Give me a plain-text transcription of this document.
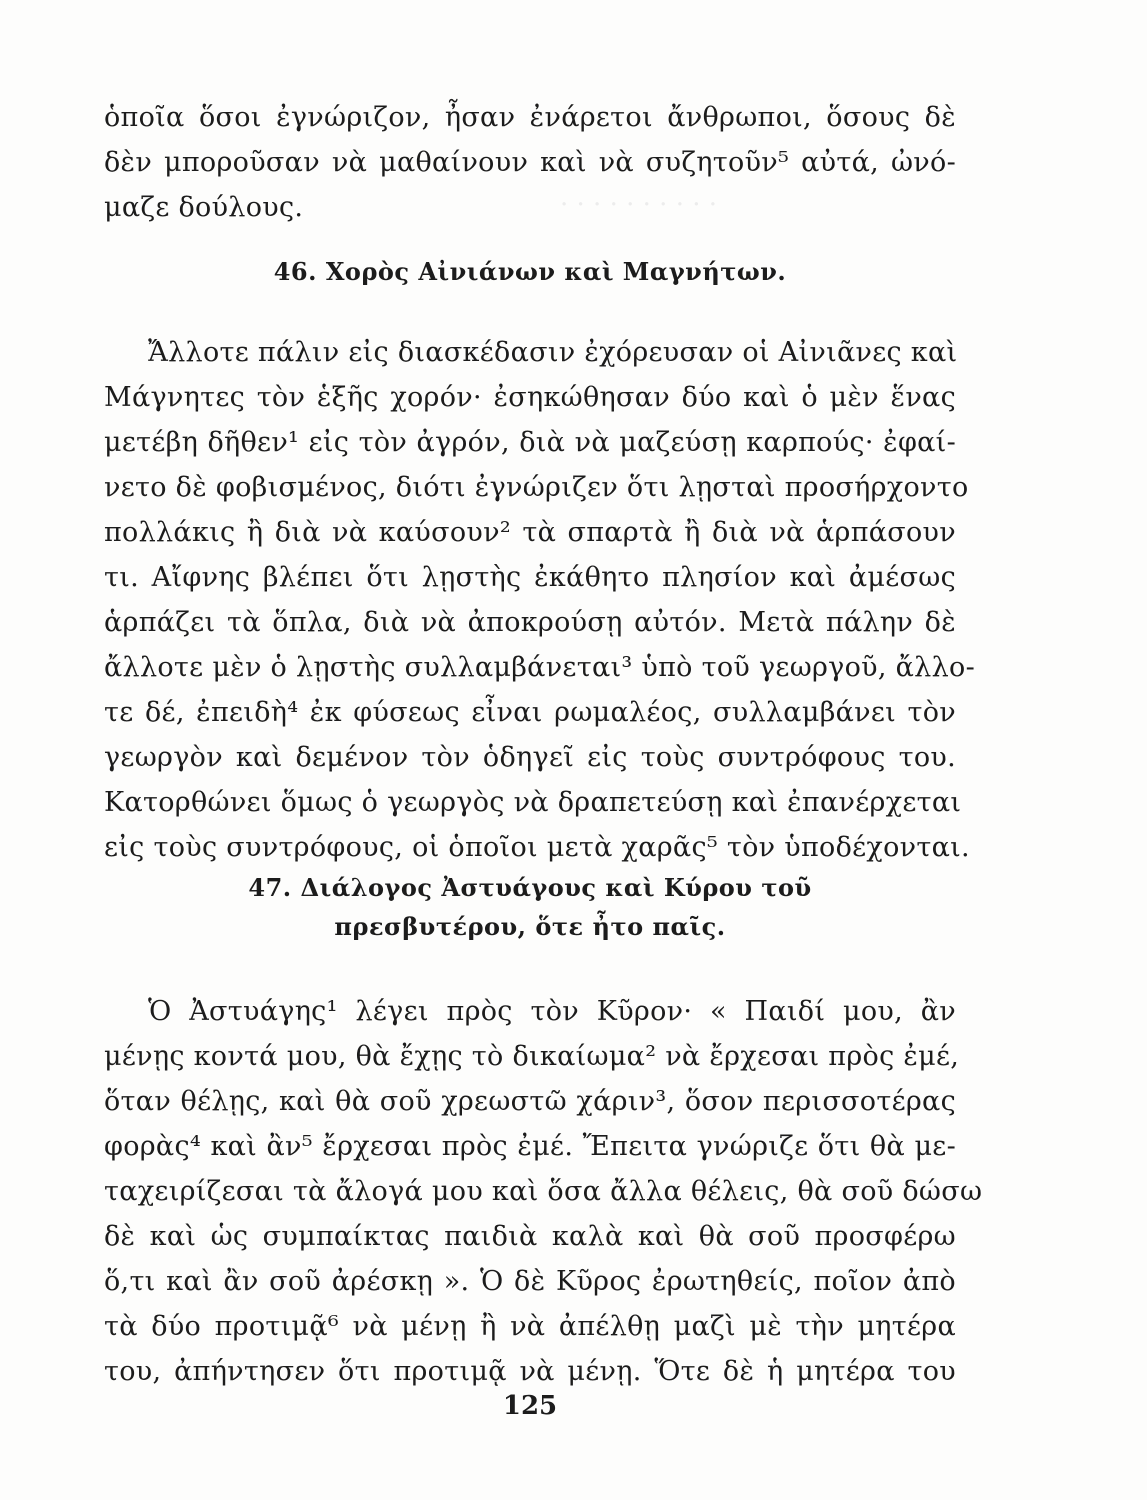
· · · · · · · · · ·
ὁποῖα ὅσοι ἐγνώριζον, ἦσαν ἐνάρετοι ἄνθρωποι, ὅσους δὲ
δὲν μποροῦσαν νὰ μαθαίνουν καὶ νὰ συζητοῦν⁵ αὐτά, ὠνό-
μαζε δούλους.
46. Χορὸς Αἰνιάνων καὶ Μαγνήτων.
Ἄλλοτε πάλιν εἰς διασκέδασιν ἐχόρευσαν οἱ Αἰνιᾶνες καὶ
Μάγνητες τὸν ἑξῆς χορόν· ἐσηκώθησαν δύο καὶ ὁ μὲν ἕνας
μετέβη δῆθεν¹ εἰς τὸν ἀγρόν, διὰ νὰ μαζεύσῃ καρπούς· ἐφαί-
νετο δὲ φοβισμένος, διότι ἐγνώριζεν ὅτι λῃσταὶ προσήρχοντο
πολλάκις ἢ διὰ νὰ καύσουν² τὰ σπαρτὰ ἢ διὰ νὰ ἁρπάσουν
τι. Αἴφνης βλέπει ὅτι λῃστὴς ἐκάθητο πλησίον καὶ ἀμέσως
ἁρπάζει τὰ ὅπλα, διὰ νὰ ἀποκρούσῃ αὐτόν. Μετὰ πάλην δὲ
ἄλλοτε μὲν ὁ λῃστὴς συλλαμβάνεται³ ὑπὸ τοῦ γεωργοῦ, ἄλλο-
τε δέ, ἐπειδὴ⁴ ἐκ φύσεως εἶναι ρωμαλέος, συλλαμβάνει τὸν
γεωργὸν καὶ δεμένον τὸν ὁδηγεῖ εἰς τοὺς συντρόφους του.
Κατορθώνει ὅμως ὁ γεωργὸς νὰ δραπετεύσῃ καὶ ἐπανέρχεται
εἰς τοὺς συντρόφους, οἱ ὁποῖοι μετὰ χαρᾶς⁵ τὸν ὑποδέχονται.
47. Διάλογος Ἀστυάγους καὶ Κύρου τοῦ
πρεσβυτέρου, ὅτε ἦτο παῖς.
Ὁ Ἀστυάγης¹ λέγει πρὸς τὸν Κῦρον· « Παιδί μου, ἂν
μένῃς κοντά μου, θὰ ἔχῃς τὸ δικαίωμα² νὰ ἔρχεσαι πρὸς ἐμέ,
ὅταν θέλῃς, καὶ θὰ σοῦ χρεωστῶ χάριν³, ὅσον περισσοτέρας
φορὰς⁴ καὶ ἂν⁵ ἔρχεσαι πρὸς ἐμέ. Ἔπειτα γνώριζε ὅτι θὰ με-
ταχειρίζεσαι τὰ ἄλογά μου καὶ ὅσα ἄλλα θέλεις, θὰ σοῦ δώσω
δὲ καὶ ὡς συμπαίκτας παιδιὰ καλὰ καὶ θὰ σοῦ προσφέρω
ὅ,τι καὶ ἂν σοῦ ἀρέσκῃ ». Ὁ δὲ Κῦρος ἐρωτηθείς, ποῖον ἀπὸ
τὰ δύο προτιμᾷ⁶ νὰ μένῃ ἢ νὰ ἀπέλθῃ μαζὶ μὲ τὴν μητέρα
του, ἀπήντησεν ὅτι προτιμᾷ νὰ μένῃ. Ὅτε δὲ ἡ μητέρα του
125
